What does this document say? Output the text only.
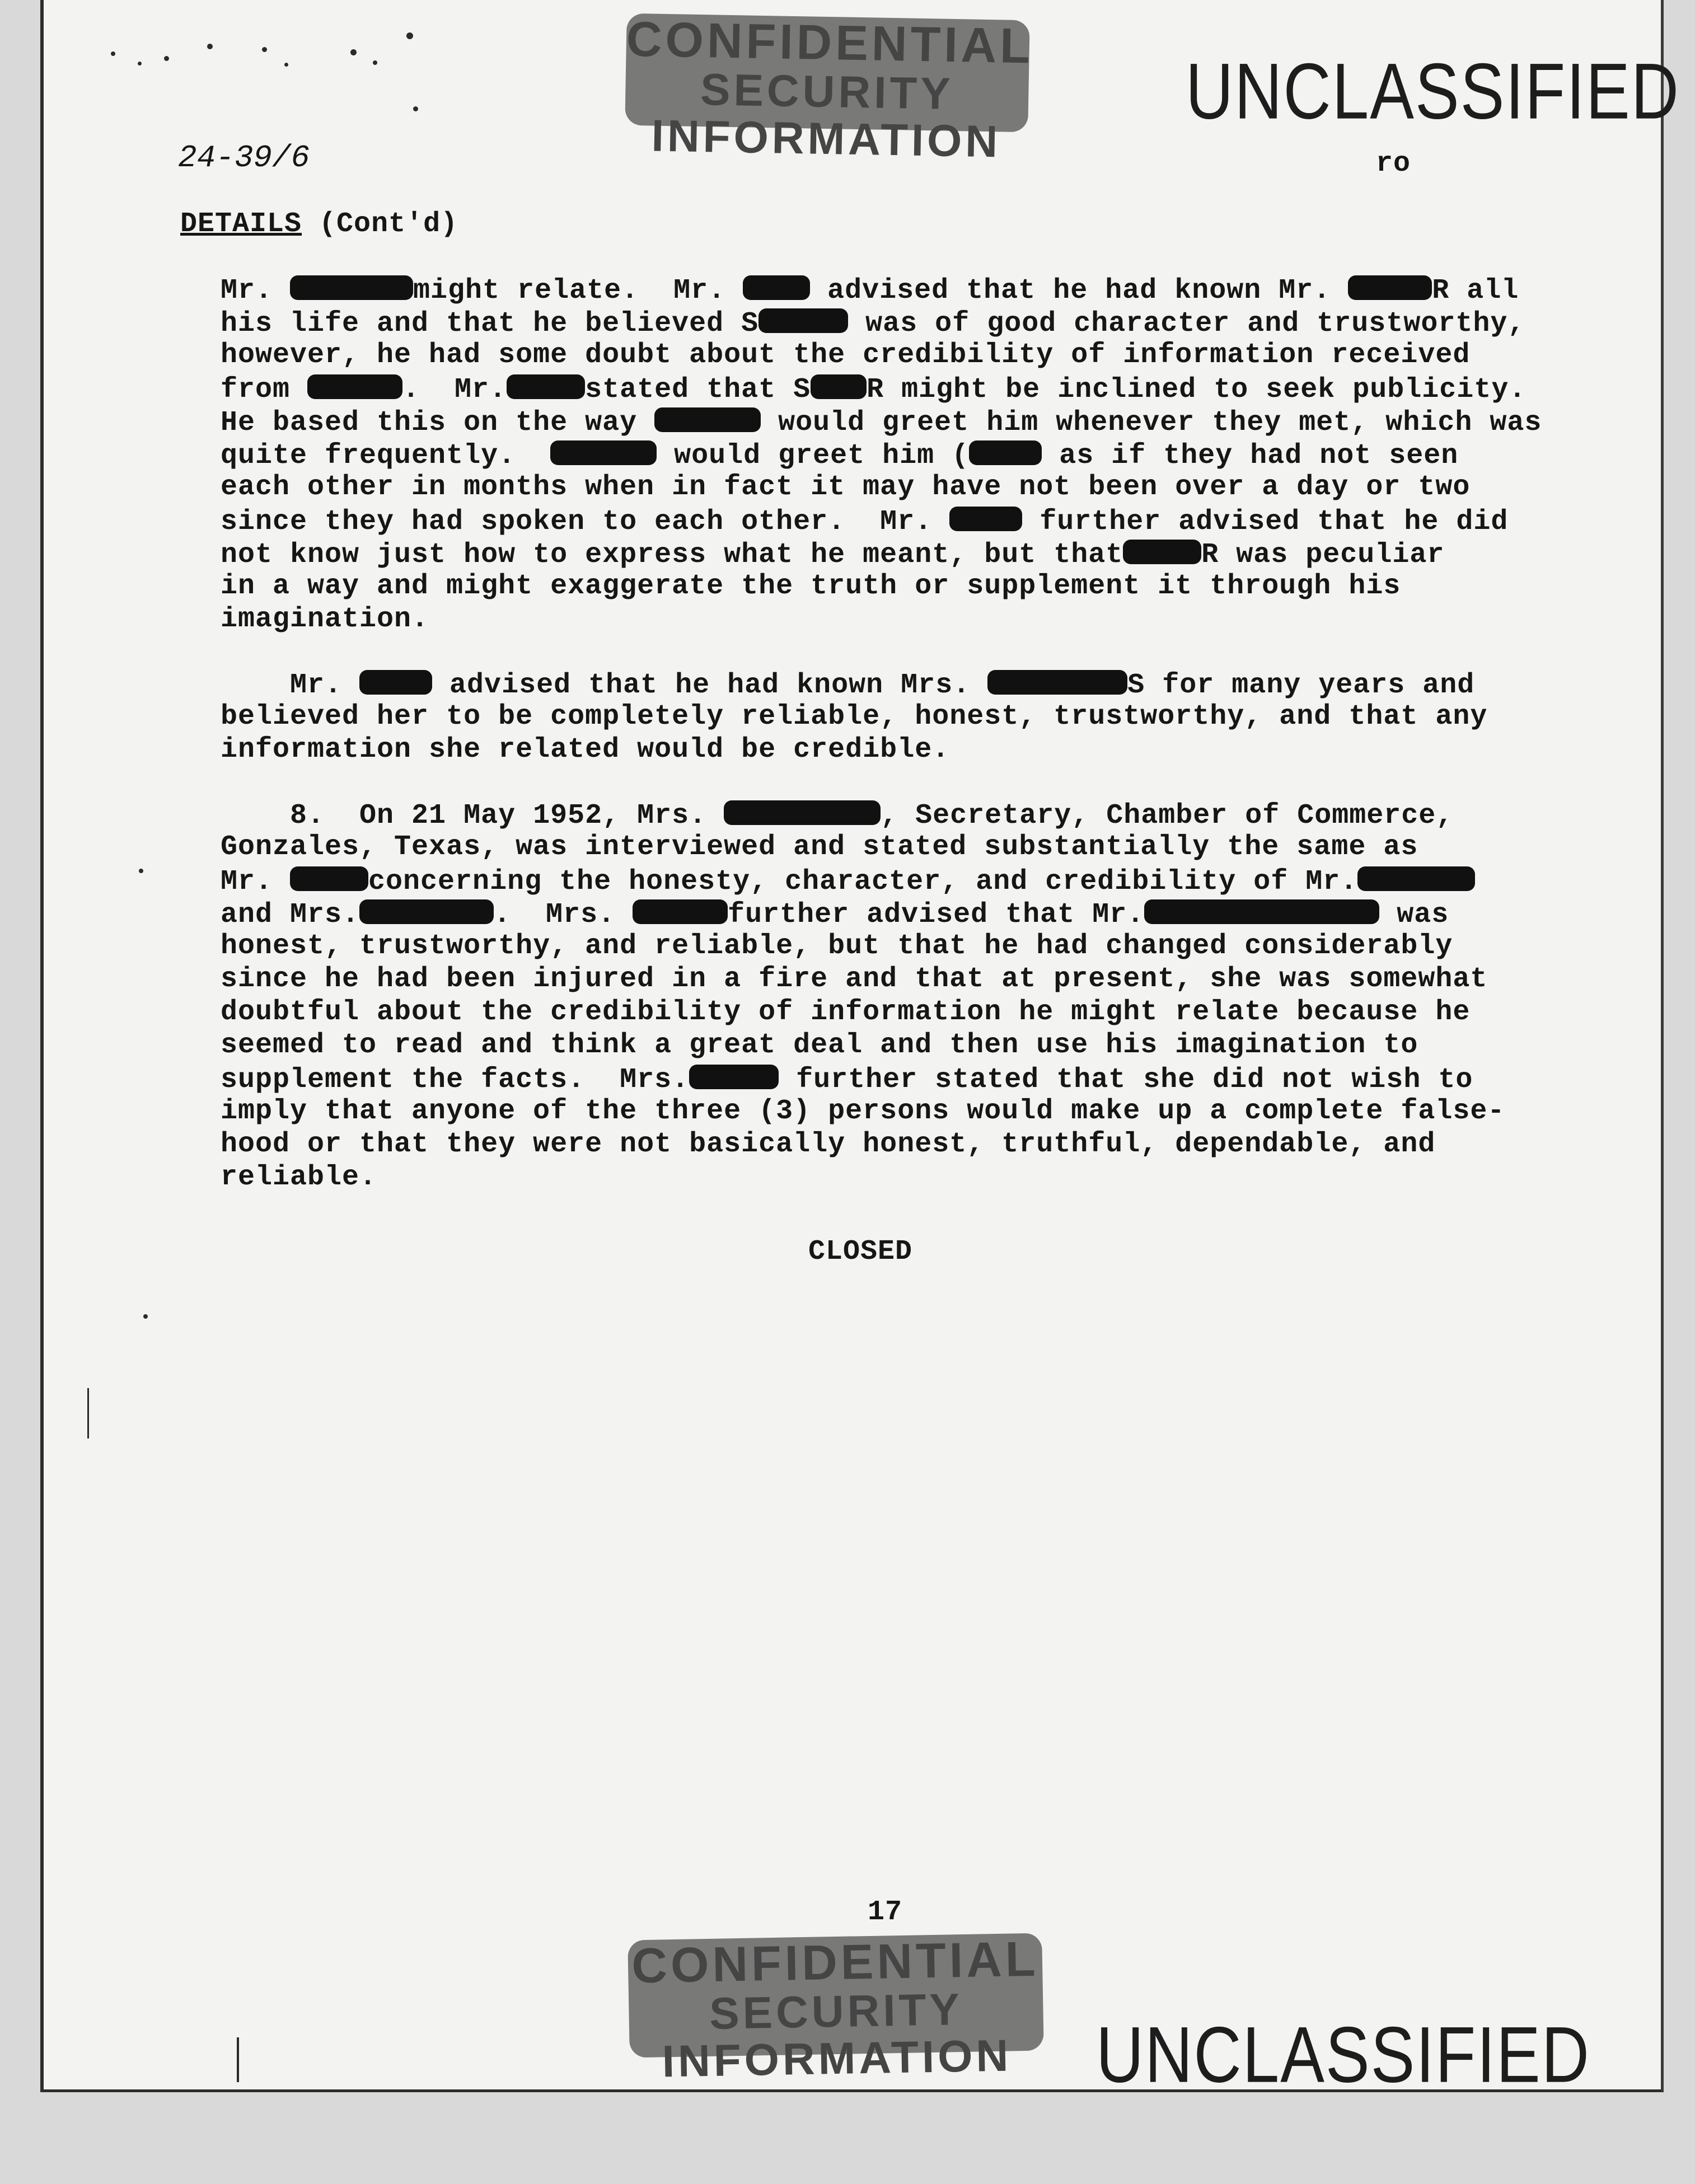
CONFIDENTIAL
SECURITY INFORMATION
UNCLASSIFIED
24-39/6	ro
DETAILS (Cont'd)
Mr.	might relate.  Mr.  advised that he had known Mr.	R all
his life and that he believed S	was of good character and trustworthy,
however, he had some doubt about the credibility of information received
from	.  Mr.	stated that S R might be inclined to seek publicity.
He based this on the way	would greet him whenever they met, which was
quite frequently.	would greet him (	as if they had not seen
each other in months when in fact it may have not been over a day or two
since they had spoken to each other.  Mr.	further advised that he did
not know just how to express what he meant, but that	R was peculiar
in a way and might exaggerate the truth or supplement it through his
imagination.
Mr.	advised that he had known Mrs.	S for many years and
believed her to be completely reliable, honest, trustworthy, and that any
information she related would be credible.
8.  On 21 May 1952, Mrs.	, Secretary, Chamber of Commerce,
Gonzales, Texas, was interviewed and stated substantially the same as
Mr.	concerning the honesty, character, and credibility of Mr.
and Mrs.	.  Mrs.	further advised that Mr.	was
honest, trustworthy, and reliable, but that he had changed considerably
since he had been injured in a fire and that at present, she was somewhat
doubtful about the credibility of information he might relate because he
seemed to read and think a great deal and then use his imagination to
supplement the facts.  Mrs.	further stated that she did not wish to
imply that anyone of the three (3) persons would make up a complete false-
hood or that they were not basically honest, truthful, dependable, and
reliable.
CLOSED
17
CONFIDENTIAL
SECURITY INFORMATION	UNCLASSIFIED
